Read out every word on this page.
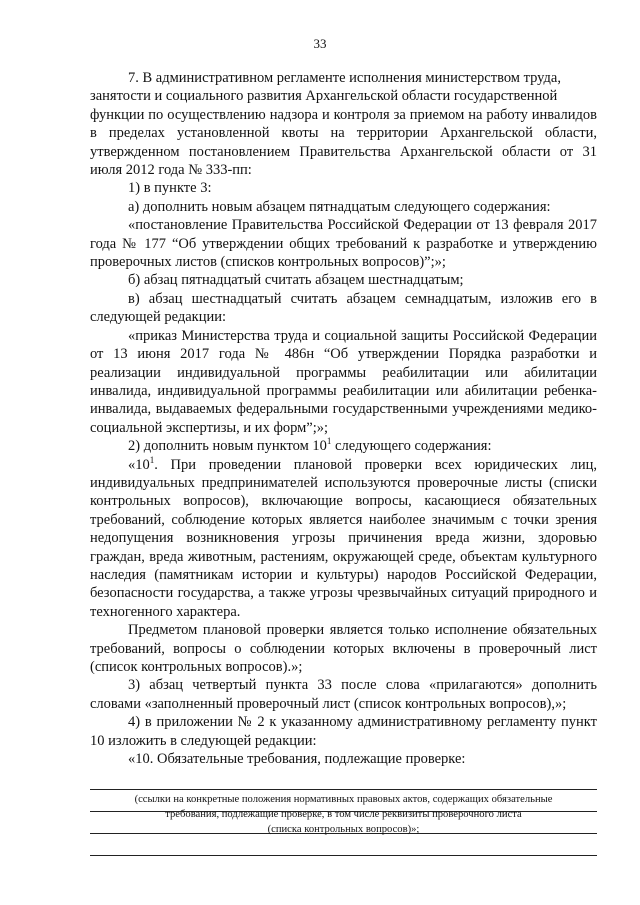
33

7. В административном регламенте исполнения министерством труда,
занятости и социального развития Архангельской области государственной
функции по осуществлению надзора и контроля за приемом на работу инвалидов в пределах установленной квоты на территории Архангельской области, утвержденном постановлением Правительства Архангельской области от 31 июля 2012 года № 333-пп:

1) в пункте 3:

а) дополнить новым абзацем пятнадцатым следующего содержания:

«постановление Правительства Российской Федерации от 13 февраля 2017 года № 177 “Об утверждении общих требований к разработке и утверждению проверочных листов (списков контрольных вопросов)”;»;

б) абзац пятнадцатый считать абзацем шестнадцатым;

в) абзац шестнадцатый считать абзацем семнадцатым, изложив его в следующей редакции:

«приказ Министерства труда и социальной защиты Российской Федерации от 13 июня 2017 года № 486н “Об утверждении Порядка разработки и реализации индивидуальной программы реабилитации или абилитации инвалида, индивидуальной программы реабилитации или абилитации ребенка-инвалида, выдаваемых федеральными государственными учреждениями медико-социальной экспертизы, и их форм”;»;

2) дополнить новым пунктом $10^1$ следующего содержания:

«$10^1$. При проведении плановой проверки всех юридических лиц, индивидуальных предпринимателей используются проверочные листы (списки контрольных вопросов), включающие вопросы, касающиеся обязательных требований, соблюдение которых является наиболее значимым с точки зрения недопущения возникновения угрозы причинения вреда жизни, здоровью граждан, вреда животным, растениям, окружающей среде, объектам культурного наследия (памятникам истории и культуры) народов Российской Федерации, безопасности государства, а также угрозы чрезвычайных ситуаций природного и техногенного характера.

Предметом плановой проверки является только исполнение обязательных требований, вопросы о соблюдении которых включены в проверочный лист (список контрольных вопросов).»;

3) абзац четвертый пункта 33 после слова «прилагаются» дополнить словами «заполненный проверочный лист (список контрольных вопросов),»;

4) в приложении № 2 к указанному административному регламенту пункт 10 изложить в следующей редакции:

«10. Обязательные требования, подлежащие проверке:

(ссылки на конкретные положения нормативных правовых актов, содержащих обязательные
требования, подлежащие проверке, в том числе реквизиты проверочного листа
(списка контрольных вопросов)»;
